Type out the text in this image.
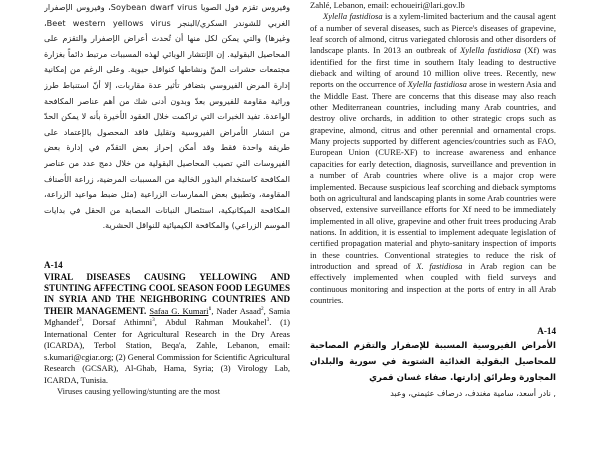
وفيروس تقزم فول الصويا Soybean dwarf virus، وفيروس الإصفرار الغربي للشوندر السكري/البنجر Beet western yellows virus، وغيرها) والتي يمكن لكل منها أن تُحدث أعراض الإصفرار والتقزم على المحاصيل البقولية. إن الإنتشار الوبائي لهذه المسببات مرتبط دائماً بغزارة مجتمعات حشرات المنّ ونشاطها كنواقل حيوية. وعلى الرغم من إمكانية إدارة المرض الفيروسي بتضافر تأثير عدة مقاربات، إلا أنّ استنباط طرز وراثية مقاومة للفيروس بعدّ وبدون أدنى شك من أهم عناصر المكافحة الواعدة. تفيد الخبرات التي تراكمت خلال العقود الأخيرة بأنه لا يمكن الحدّ من انتشار الأمراض الفيروسية وتقليل فاقد المحصول بالإعتماد على طريقة واحدة فقط وقد أمكن إحراز بعض التقدّم في إدارة بعض الفيروسات التي تصيب المحاصيل البقولية من خلال دمج عدد من عناصر المكافحة كاستخدام البذور الخالية من المسببات المرضية، زراعة الأصناف المقاومة، وتطبيق بعض الممارسات الزراعية (مثل ضبط مواعيد الزراعة، المكافحة الميكانيكية، استئصال النباتات المصابة من الحقل في بدايات الموسم الزراعي) والمكافحة الكيميائية للنواقل الحشرية.

A-14

VIRAL DISEASES CAUSING YELLOWING AND STUNTING AFFECTING COOL SEASON FOOD LEGUMES IN SYRIA AND THE NEIGHBORING COUNTRIES AND THEIR MANAGEMENT. Safaa G. Kumari$^1$, Nader Asaad$^2$, Samia Mghandef$^3$, Dorsaf Athimni$^3$, Abdul Rahman Moukahel$^3$. (1) International Center for Agricultural Research in the Dry Areas (ICARDA), Terbol Station, Beqa'a, Zahle, Lebanon, email: s.kumari@cgiar.org; (2) General Commission for Scientific Agricultural Research (GCSAR), Al-Ghab, Hama, Syria; (3) Virology Lab, ICARDA, Tunisia.

Viruses causing yellowing/stunting are the most

Zahlé, Lebanon, email: echoueiri@lari.gov.lb

Xylella fastidiosa is a xylem-limited bacterium and the causal agent of a number of several diseases, such as Pierce's diseases of grapevine, leaf scorch of almond, citrus variegated chlorosis and other disorders of landscape plants. In 2013 an outbreak of Xylella fastidiosa (Xf) was identified for the first time in southern Italy leading to destructive dieback and wilting of around 10 million olive trees. Recently, new reports on the occurrence of Xylella fastidiosa arose in western Asia and the Middle East. There are concerns that this disease may also reach other Mediterranean countries, including many Arab countries, and destroy olive orchards, in addition to other strategic crops such as grapevine, almond, citrus and other perennial and ornamental crops. Many projects supported by different agencies/countries such as FAO, European Union (CURE-XF) to increase awareness and enhance capacities for early detection, diagnosis, surveillance and prevention in a number of Arab countries where olive is a major crop were implemented. Because suspicious leaf scorching and dieback symptoms both on agricultural and landscaping plants in some Arab countries were observed, extensive surveillance efforts for Xf need to be immediately implemented in all olive, grapevine and other fruit trees producing Arab nations. In addition, it is essential to implement adequate legislation of certified propagation material and phyto-sanitary inspection of imports in these countries. Conventional strategies to reduce the risk of introduction and spread of X. fastidiosa in Arab region can be effectively implemented when coupled with field surveys and continuous monitoring and inspection at the ports of entry in all Arab countries.

A-14

الأمراض الفيروسية المسببة للإصفرار والتقزم المصاحبة للمحاصيل البقولية الغذائية الشتوية في سورية والبلدان المجاورة وطرائق إدارتها. صفاء غسان قمري

, نادر أسعد، سامية مغندف، درصاف عثيمني، وعبد
